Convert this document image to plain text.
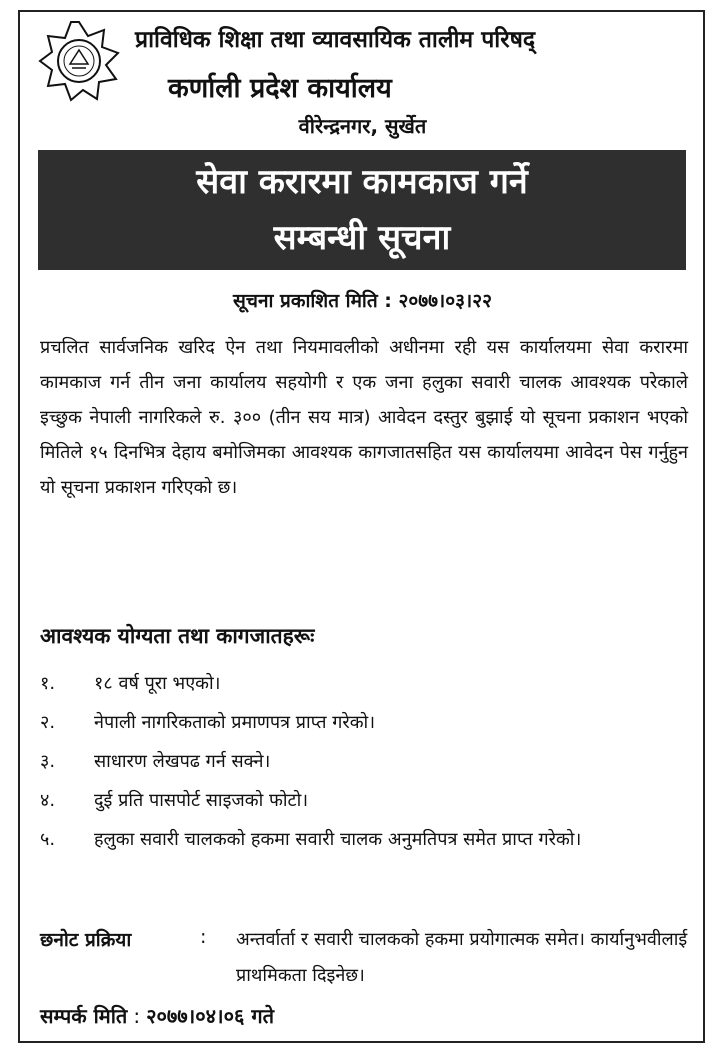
प्राविधिक शिक्षा तथा व्यावसायिक तालीम परिषद्
कर्णाली प्रदेश कार्यालय
वीरेन्द्रनगर, सुर्खेत
सेवा करारमा कामकाज गर्ने
सम्बन्धी सूचना
सूचना प्रकाशित मिति : २०७७।०३।२२

प्रचलित सार्वजनिक खरिद ऐन तथा नियमावलीको अधीनमा रही यस कार्यालयमा सेवा करारमा कामकाज गर्न तीन जना कार्यालय सहयोगी र एक जना हलुका सवारी चालक आवश्यक परेकाले इच्छुक नेपाली नागरिकले रु. ३०० (तीन सय मात्र) आवेदन दस्तुर बुझाई यो सूचना प्रकाशन भएको मितिले १५ दिनभित्र देहाय बमोजिमका आवश्यक कागजातसहित यस कार्यालयमा आवेदन पेस गर्नुहुन यो सूचना प्रकाशन गरिएको छ।

आवश्यक योग्यता तथा कागजातहरूः
१.	१८ वर्ष पूरा भएको।
२.	नेपाली नागरिकताको प्रमाणपत्र प्राप्त गरेको।
३.	साधारण लेखपढ गर्न सक्ने।
४.	दुई प्रति पासपोर्ट साइजको फोटो।
५.	हलुका सवारी चालकको हकमा सवारी चालक अनुमतिपत्र समेत प्राप्त गरेको।
छनोट प्रक्रिया	: अन्तर्वार्ता र सवारी चालकको हकमा प्रयोगात्मक समेत। कार्यानुभवीलाई प्राथमिकता दिइनेछ।

सम्पर्क मिति : २०७७।०४।०६ गते
